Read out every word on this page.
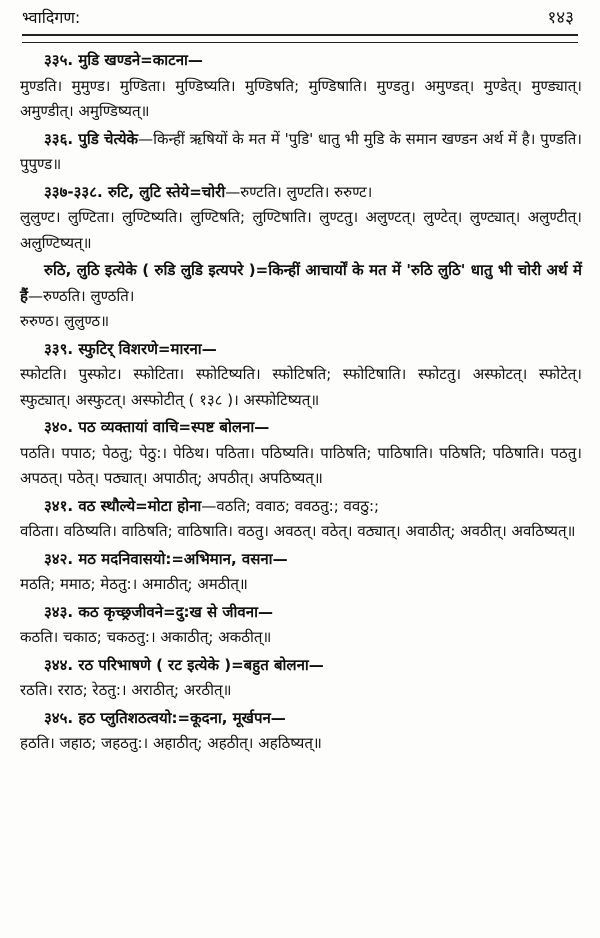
भ्वादिगण:	१४३
३३५. मुडि खण्डने=काटना—
मुण्डति। मुमुण्ड। मुण्डिता। मुण्डिष्यति। मुण्डिषति; मुण्डिषाति। मुण्डतु। अमुण्डत्। मुण्डेत्। मुण्ड्यात्। अमुण्डीत्। अमुण्डिष्यत्॥
३३६. पुडि चेत्येके—किन्हीं ऋषियों के मत में 'पुडि' धातु भी मुडि के समान खण्डन अर्थ में है। पुण्डति। पुपुण्ड॥
३३७-३३८. रुटि, लुटि स्तेये=चोरी—रुण्टति। लुण्टति। रुरुण्ट।
लुलुण्ट। लुण्टिता। लुण्टिष्यति। लुण्टिषति; लुण्टिषाति। लुण्टतु। अलुण्टत्। लुण्टेत्। लुण्ट्यात्। अलुण्टीत्। अलुण्टिष्यत्॥
रुठि, लुठि इत्येके ( रुडि लुडि इत्यपरे )=किन्हीं आचार्यों के मत में 'रुठि लुठि' धातु भी चोरी अर्थ में हैं—रुण्ठति। लुण्ठति।
रुरुण्ठ। लुलुण्ठ॥
३३९. स्फुटिर् विशरणे=मारना—
स्फोटति। पुस्फोट। स्फोटिता। स्फोटिष्यति। स्फोटिषति; स्फोटिषाति। स्फोटतु। अस्फोटत्। स्फोटेत्। स्फुट्यात्। अस्फुटत्। अस्फोटीत् ( १३८ )। अस्फोटिष्यत्॥
३४०. पठ व्यक्तायां वाचि=स्पष्ट बोलना—
पठति। पपाठ; पेठतु; पेठु:। पेठिथ। पठिता। पठिष्यति। पाठिषति; पाठिषाति। पठिषति; पठिषाति। पठतु। अपठत्। पठेत्। पठ्यात्। अपाठीत्; अपठीत्। अपठिष्यत्॥
३४१. वठ स्थौल्ये=मोटा होना—वठति; ववाठ; ववठतु:; ववठु:;
वठिता। वठिष्यति। वाठिषति; वाठिषाति। वठतु। अवठत्। वठेत्। वठ्यात्। अवाठीत्; अवठीत्। अवठिष्यत्॥
३४२. मठ मदनिवासयो:=अभिमान, वसना—
मठति; ममाठ; मेठतु:। अमाठीत्; अमठीत्॥
३४३. कठ कृच्छ्रजीवने=दु:ख से जीवना—
कठति। चकाठ; चकठतु:। अकाठीत्; अकठीत्॥
३४४. रठ परिभाषणे ( रट इत्येके )=बहुत बोलना—
रठति। रराठ; रेठतु:। अराठीत्; अरठीत्॥
३४५. हठ प्लुतिशठत्वयो:=कूदना, मूर्खपन—
हठति। जहाठ; जहठतु:। अहाठीत्; अहठीत्। अहठिष्यत्॥
